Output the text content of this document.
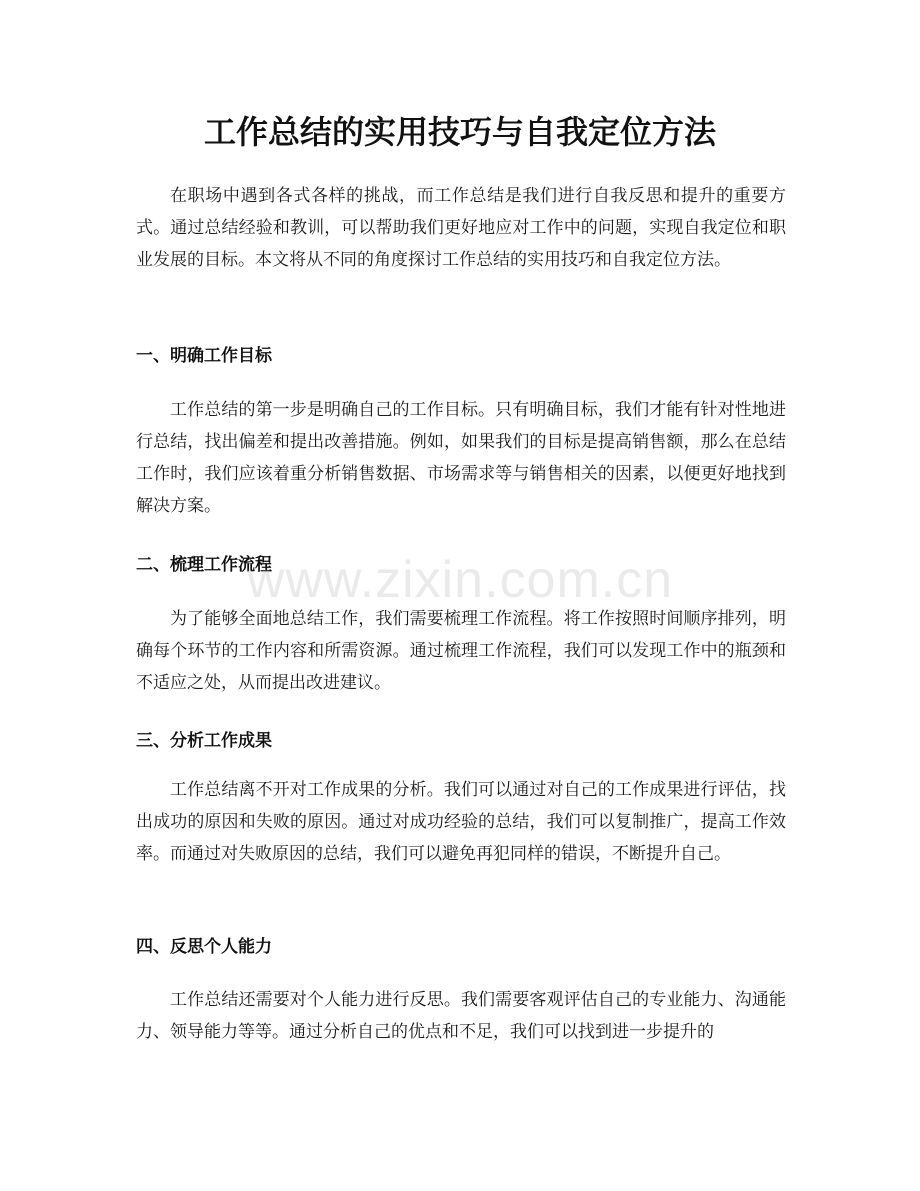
工作总结的实用技巧与自我定位方法

在职场中遇到各式各样的挑战，而工作总结是我们进行自我反思和提升的重要方式。通过总结经验和教训，可以帮助我们更好地应对工作中的问题，实现自我定位和职业发展的目标。本文将从不同的角度探讨工作总结的实用技巧和自我定位方法。

一、明确工作目标

工作总结的第一步是明确自己的工作目标。只有明确目标，我们才能有针对性地进行总结，找出偏差和提出改善措施。例如，如果我们的目标是提高销售额，那么在总结工作时，我们应该着重分析销售数据、市场需求等与销售相关的因素，以便更好地找到解决方案。

二、梳理工作流程

为了能够全面地总结工作，我们需要梳理工作流程。将工作按照时间顺序排列，明确每个环节的工作内容和所需资源。通过梳理工作流程，我们可以发现工作中的瓶颈和不适应之处，从而提出改进建议。

三、分析工作成果

工作总结离不开对工作成果的分析。我们可以通过对自己的工作成果进行评估，找出成功的原因和失败的原因。通过对成功经验的总结，我们可以复制推广，提高工作效率。而通过对失败原因的总结，我们可以避免再犯同样的错误，不断提升自己。

四、反思个人能力

工作总结还需要对个人能力进行反思。我们需要客观评估自己的专业能力、沟通能力、领导能力等等。通过分析自己的优点和不足，我们可以找到进一步提升的

www.zixin.com.cn
